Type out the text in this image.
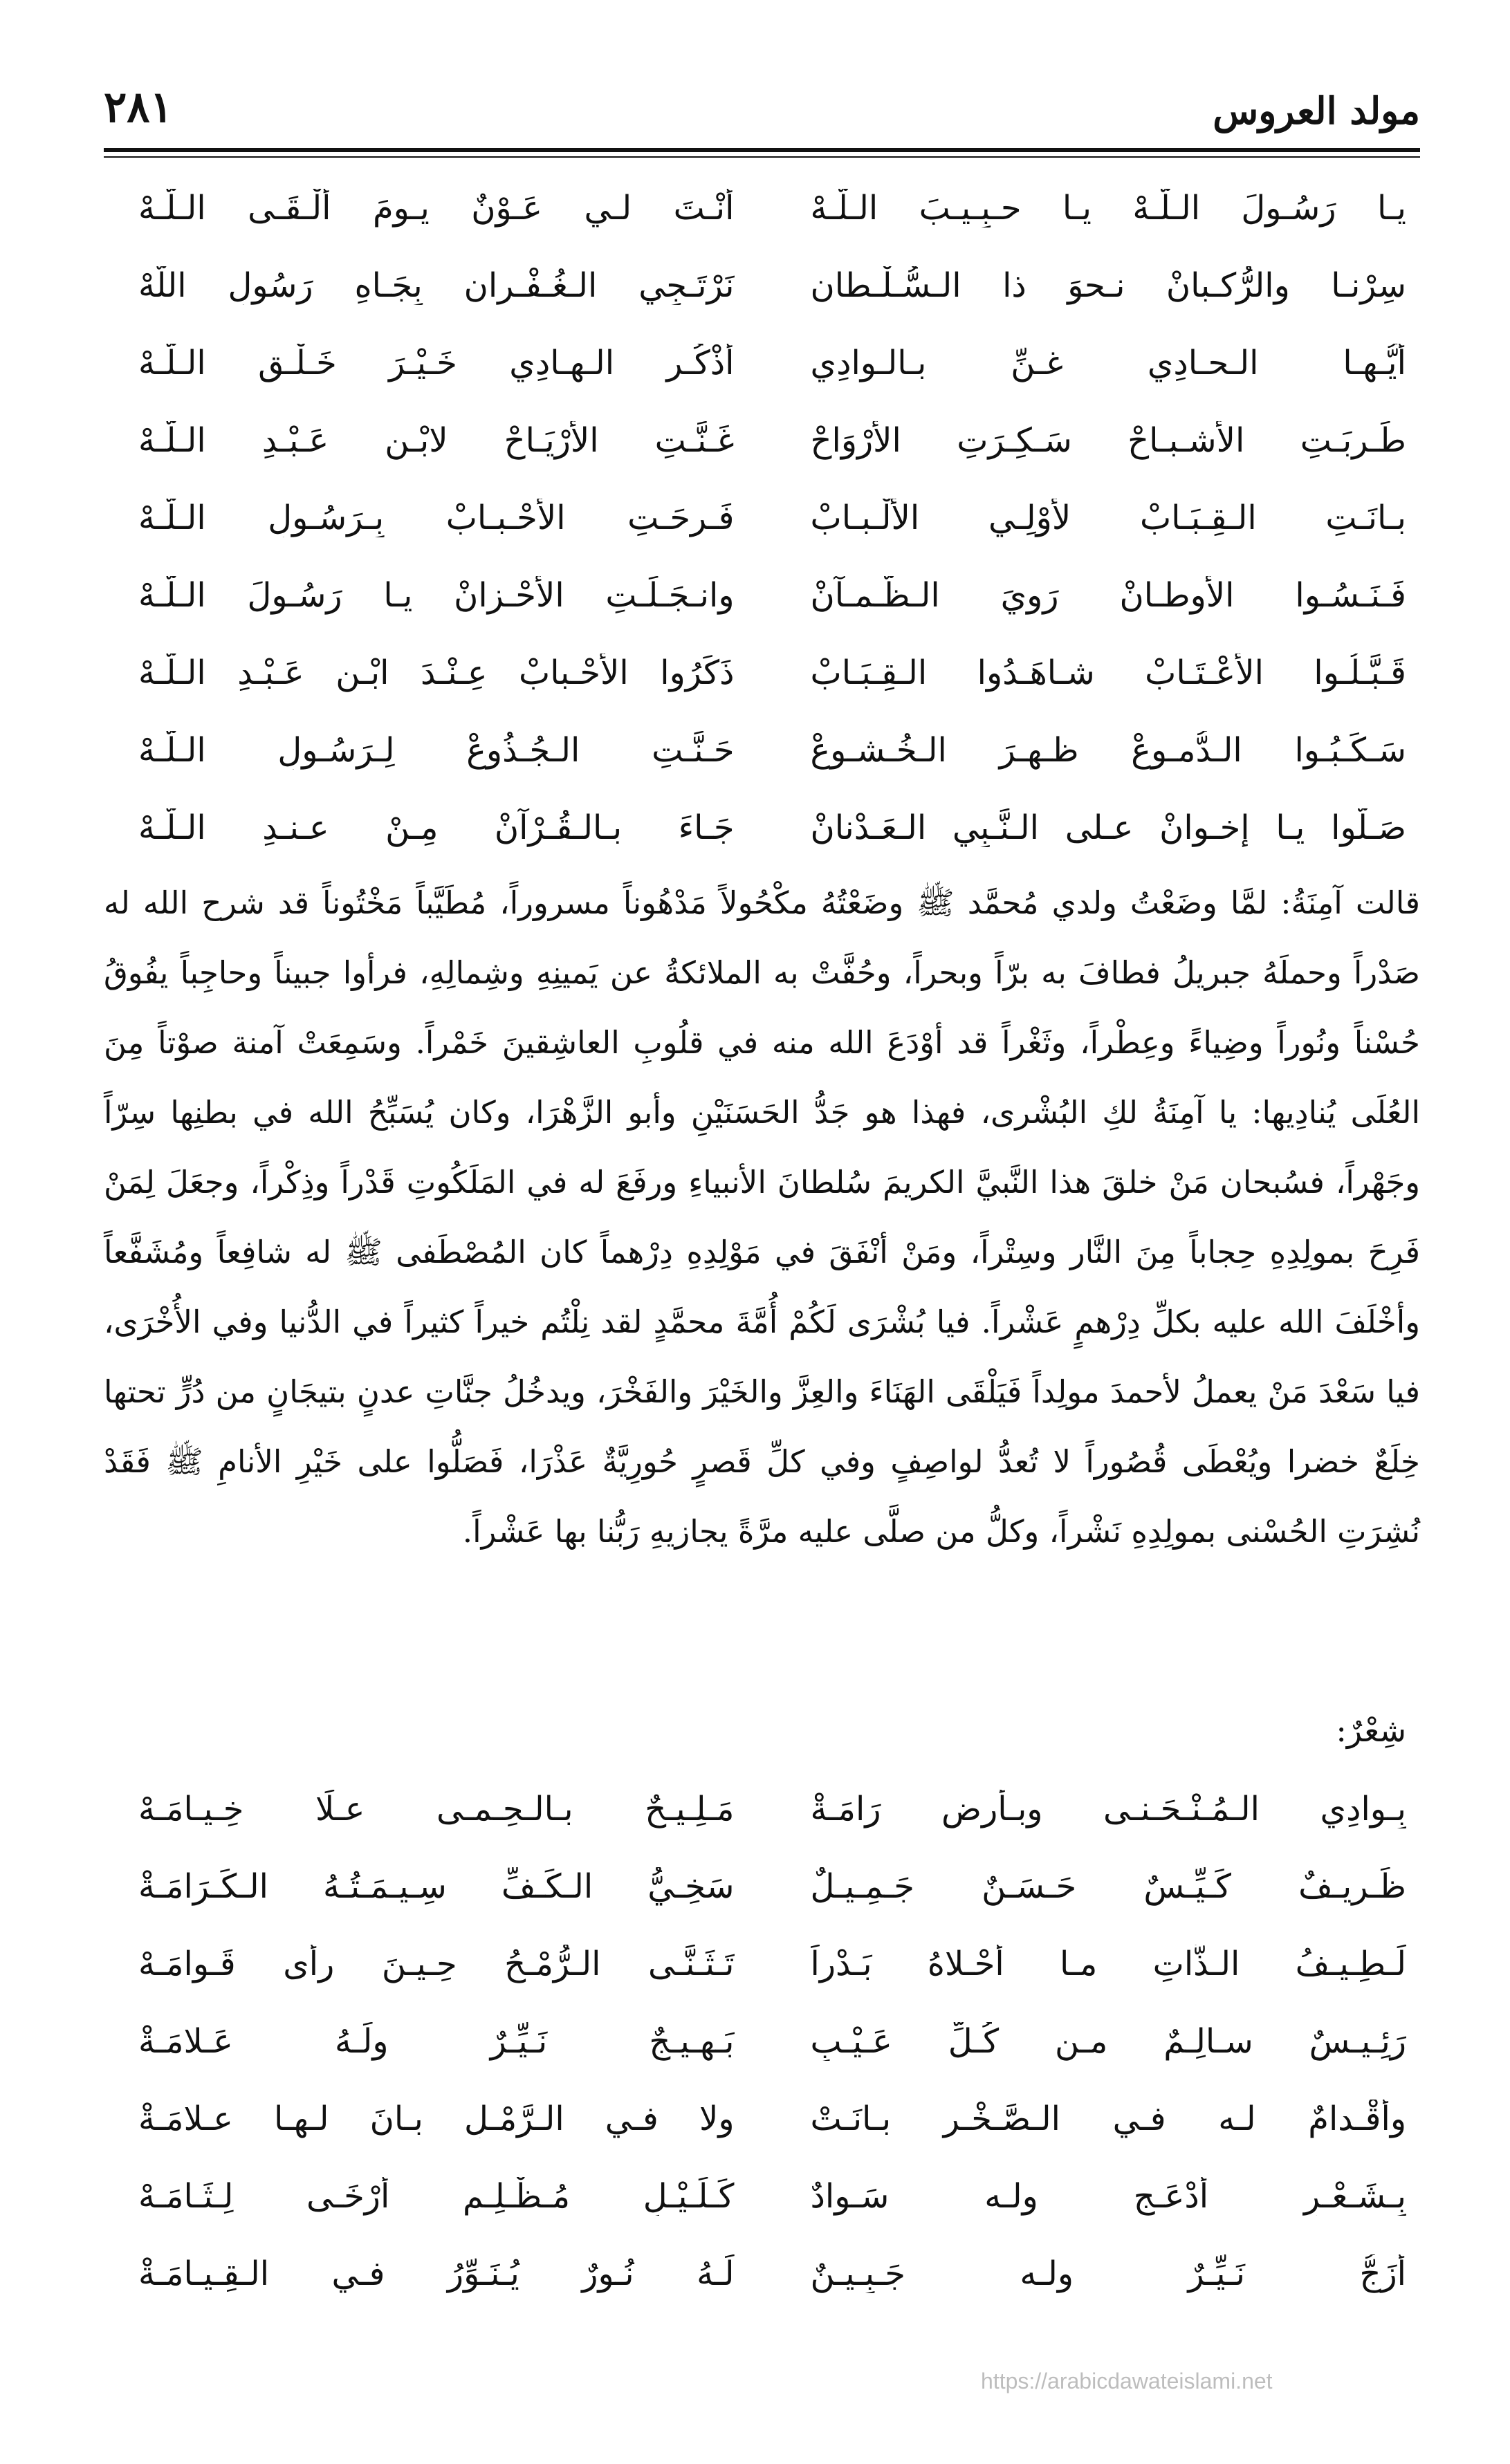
مولد العروس
٢٨١
يـا رَسُـولَ الـلّـهْ يـا حـبِـيـبَ الـلّـهْ
أنْـتَ لـي عَـوْنٌ يـومَ ألْـقَـى الـلّـهْ
سِرْنـا والرُّكـبانْ نـحوَ ذا الـسُّـلْـطان
نَرْتَـجِي الـغُـفْـران بِجَـاهِ رَسُولِ اللّهْ
أيُّـهـا الـحـادِي غـنِّ بـالـوادِي
أذْكُـرِ الـهـادِي خَـيْـرَ خَـلْـقِ الـلّـهْ
طَـرِبَـتِ الأشـبـاحْ سَـكِـرَتِ الأرْوَاحْ
غَـنَّـتِ الأرْيَـاحْ لابْـنِ عَـبْـدِ الـلّـهْ
بـانَـتِ الـقِـبَـابْ لأُوْلِـي الألْـبـابْ
فَـرِحَـتِ الأحْـبـابْ بِـرَسُـولِ الـلّـهْ
فَـنَـسُـوا الأوطـانْ رَوِيَ الـظَّـمـآنْ
وانـجَـلَـتِ الأحْـزانْ يـا رَسُـولَ الـلّـهْ
قَـبَّـلُـوا الأعْـتَـابْ شـاهَـدُوا الـقِـبَـابْ
ذَكَرُوا الأحْـبابْ عِـنْـدَ ابْـنِ عَـبْـدِ الـلّـهْ
سَـكَـبُـوا الـدُّمـوعْ ظـهـرَ الـخُـشـوعْ
حَـنَّـتِ الـجُـذُوعْ لِـرَسُـولِ الـلّـهْ
صَـلُّوا يـا إخـوانْ عـلى الـنَّـبِي الـعَـدْنانْ
جَـاءَ بـالـقُـرْآنْ مِـنْ عـنـدِ الـلّـهْ
قالت آمِنَةُ: لمَّا وضَعْتُ ولدي مُحمَّد ﷺ وضَعْتُهُ مكْحُولاً مَدْهُوناً مسروراً، مُطَيَّباً مَخْتُوناً قد شرح الله له صَدْراً وحملَهُ جبريلُ فطافَ به برّاً وبحراً، وحُفَّتْ به الملائكةُ عن يَمينِهِ وشِمالِهِ، فرأوا جبيناً وحاجِباً يفُوقُ حُسْناً ونُوراً وضِياءً وعِطْراً، وثَغْراً قد أوْدَعَ الله منه في قلُوبِ العاشِقينَ خَمْراً. وسَمِعَتْ آمنة صوْتاً مِنَ العُلَى يُنادِيها: يا آمِنَةُ لكِ البُشْرى، فهذا هو جَدُّ الحَسَنَيْنِ وأبو الزَّهْرَا، وكان يُسَبِّحُ الله في بطنِها سِرّاً وجَهْراً، فسُبحان مَنْ خلقَ هذا النَّبيَّ الكريمَ سُلطانَ الأنبياءِ ورفَعَ له في المَلَكُوتِ قَدْراً وذِكْراً، وجعَلَ لِمَنْ فَرِحَ بمولِدِهِ حِجاباً مِنَ النَّار وسِتْراً، ومَنْ أنْفَقَ في مَوْلِدِهِ دِرْهماً كان المُصْطَفى ﷺ له شافِعاً ومُشَفَّعاً وأخْلَفَ الله عليه بكلِّ دِرْهمٍ عَشْراً. فيا بُشْرَى لَكُمْ أُمَّةَ محمَّدٍ لقد نِلْتُم خيراً كثيراً في الدُّنيا وفي الأُخْرَى، فيا سَعْدَ مَنْ يعملُ لأحمدَ مولِداً فَيَلْقَى الهَنَاءَ والعِزَّ والخَيْرَ والفَخْرَ، ويدخُلُ جنَّاتِ عدنٍ بتيجَانٍ من دُرٍّ تحتها خِلَعٌ خضرا ويُعْطَى قُصُوراً لا تُعدُّ لواصِفٍ وفي كلِّ قَصرٍ حُورِيَّةٌ عَذْرَا، فَصَلُّوا على خَيْرِ الأنامِ ﷺ فَقَدْ نُشِرَتِ الحُسْنى بمولِدِهِ نَشْراً، وكلُّ من صلَّى عليه مرَّةً يجازيهِ رَبُّنا بها عَشْراً.
شِعْرٌ:
بِـوادِي الـمُـنْـحَـنـى وبـأرضِ رَامَـةْ
مَـلِـيـحٌ بـالـحِـمـى عـلَا خِـيـامَـهْ
ظَـرِيـفٌ كَـيِّـسٌ حَـسَـنٌ جَـمِـيـلٌ
سَخِـيُّ الـكَـفِّ سِـيـمَـتُـهُ الـكَـرَامَـةْ
لَـطِـيـفُ الـذَّاتِ مـا أحْـلاهُ بَـدْراً
تَـثَـنَّـى الـرُّمْـحُ حِـيـنَ رأى قَـوامَـهْ
رَئِـيـسٌ سـالِـمٌ مـن كُـلِّ عَـيْـبٍ
بَـهِـيـجٌ نَـيِّـرٌ ولَـهُ عَـلامَـةْ
وأقْـدامٌ لـه فـي الـصَّـخْـرِ بـانَـتْ
ولا فـي الـرَّمْـلِ بـانَ لـهـا عـلامَـةْ
بِـشَـعْـرٍ أدْعَـجٍ ولـه سَـوادٌ
كَـلَـيْـلٍ مُـظْـلِـمٍ أرْخَـى لِـثَـامَـهْ
أزَجُّ نَـيِّـرٌ ولـه جَـبِـيـنٌ
لَـهُ نُـورٌ يُـنَـوِّرُ فـي الـقِـيـامَـةْ
https://arabicdawateislami.net
